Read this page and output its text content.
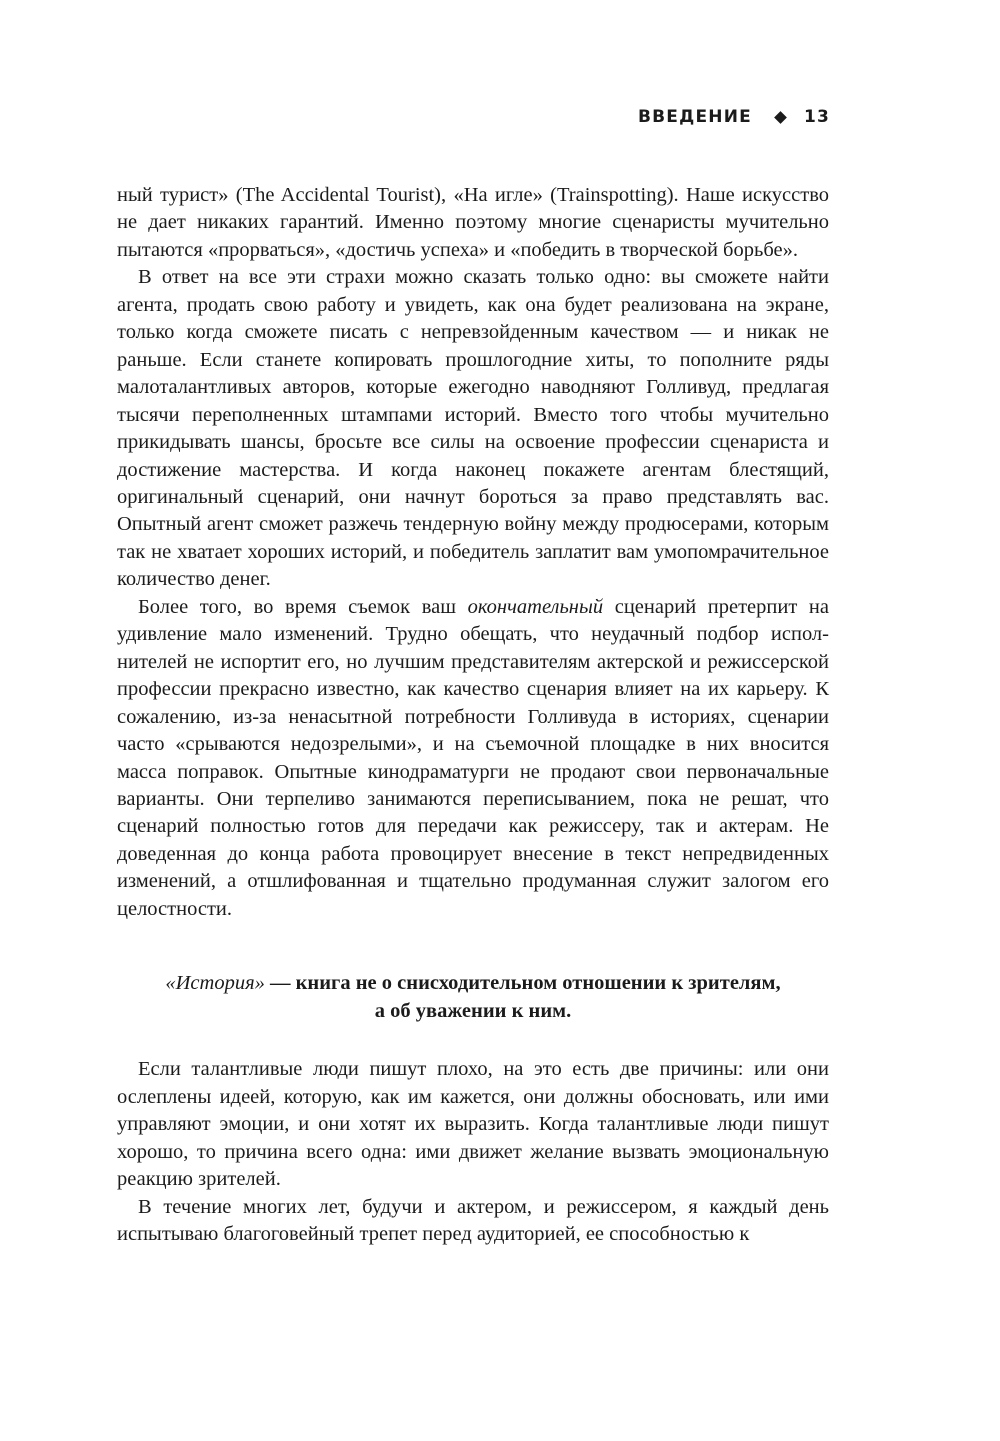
ВВЕДЕНИЕ	13

ный турист» (The Accidental Tourist), «На игле» (Trainspotting). Наше искусство не дает никаких гарантий. Именно поэтому многие сценаристы мучительно пытаются «прорваться», «достичь успеха» и «победить в творческой борьбе».

В ответ на все эти страхи можно сказать только одно: вы сможете найти агента, продать свою работу и увидеть, как она будет реализована на экране, только когда сможете писать с непревзойденным качеством — и никак не раньше. Если станете копировать прошлогодние хиты, то пополните ряды малоталантливых авторов, которые ежегодно наводняют Голливуд, предлагая тысячи переполненных штампами историй. Вместо того чтобы мучительно прикидывать шансы, бросьте все силы на освоение профессии сценариста и достижение мастерства. И когда наконец покажете агентам блестящий, оригинальный сценарий, они начнут бороться за право представлять вас. Опытный агент сможет разжечь тендерную войну между продюсерами, которым так не хватает хороших историй, и победитель заплатит вам умопомрачительное количество денег.

Более того, во время съемок ваш окончательный сценарий претерпит на удивление мало изменений. Трудно обещать, что неудачный подбор исполнителей не испортит его, но лучшим представителям актерской и режиссерской профессии прекрасно известно, как качество сценария влияет на их карьеру. К сожалению, из-за ненасытной потребности Голливуда в историях, сценарии часто «срываются недозрелыми», и на съемочной площадке в них вносится масса поправок. Опытные кинодраматурги не продают свои первоначальные варианты. Они терпеливо занимаются переписыванием, пока не решат, что сценарий полностью готов для передачи как режиссеру, так и актерам. Не доведенная до конца работа провоцирует внесение в текст непредвиденных изменений, а отшлифованная и тщательно продуманная служит залогом его целостности.

«История» — книга не о снисходительном отношении к зрителям,
а об уважении к ним.

Если талантливые люди пишут плохо, на это есть две причины: или они ослеплены идеей, которую, как им кажется, они должны обосновать, или ими управляют эмоции, и они хотят их выразить. Когда талантливые люди пишут хорошо, то причина всего одна: ими движет желание вызвать эмоциональную реакцию зрителей.

В течение многих лет, будучи и актером, и режиссером, я каждый день испытываю благоговейный трепет перед аудиторией, ее способностью к
